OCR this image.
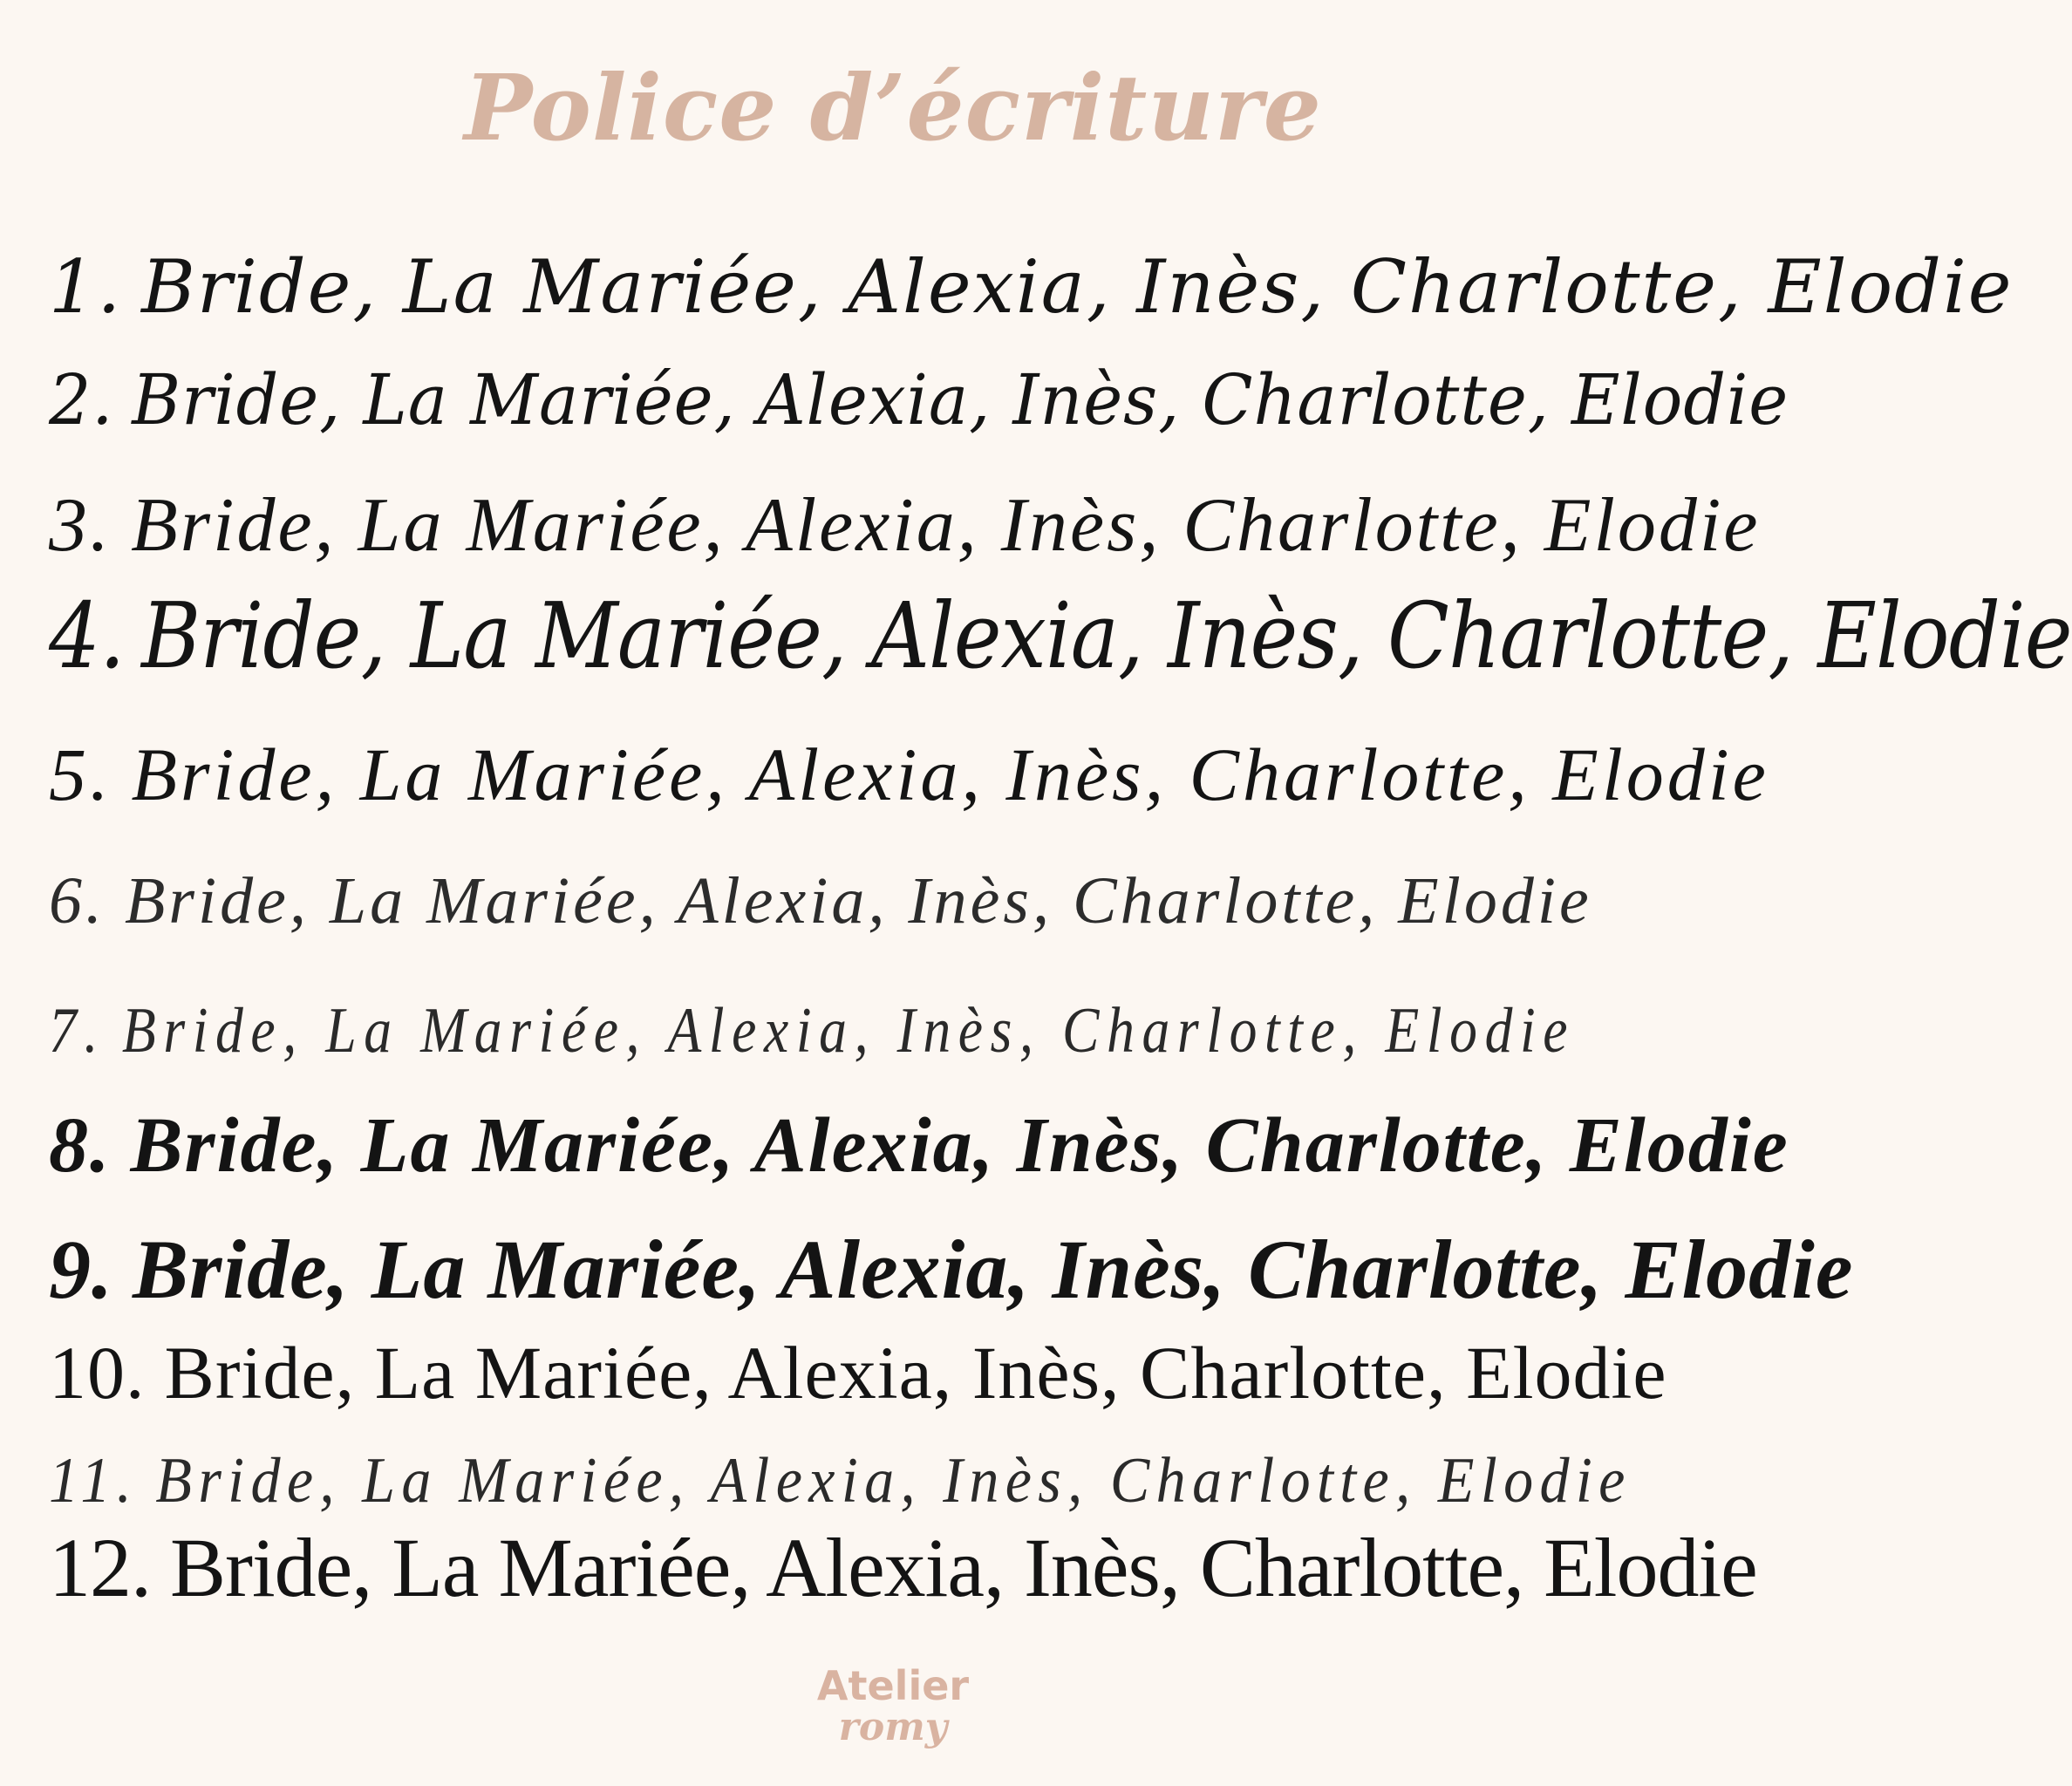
Police d’écriture
1. Bride, La Mariée, Alexia, Inès, Charlotte, Elodie
2. Bride, La Mariée, Alexia, Inès, Charlotte, Elodie
3. Bride, La Mariée, Alexia, Inès, Charlotte, Elodie
4. Bride, La Mariée, Alexia, Inès, Charlotte, Elodie
5. Bride, La Mariée, Alexia, Inès, Charlotte, Elodie
6. Bride, La Mariée, Alexia, Inès, Charlotte, Elodie
7. Bride, La Mariée, Alexia, Inès, Charlotte, Elodie
8. Bride, La Mariée, Alexia, Inès, Charlotte, Elodie
9. Bride, La Mariée, Alexia, Inès, Charlotte, Elodie
10. Bride, La Mariée, Alexia, Inès, Charlotte, Elodie
11. Bride, La Mariée, Alexia, Inès, Charlotte, Elodie
12. Bride, La Mariée, Alexia, Inès, Charlotte, Elodie
Atelier
romy
